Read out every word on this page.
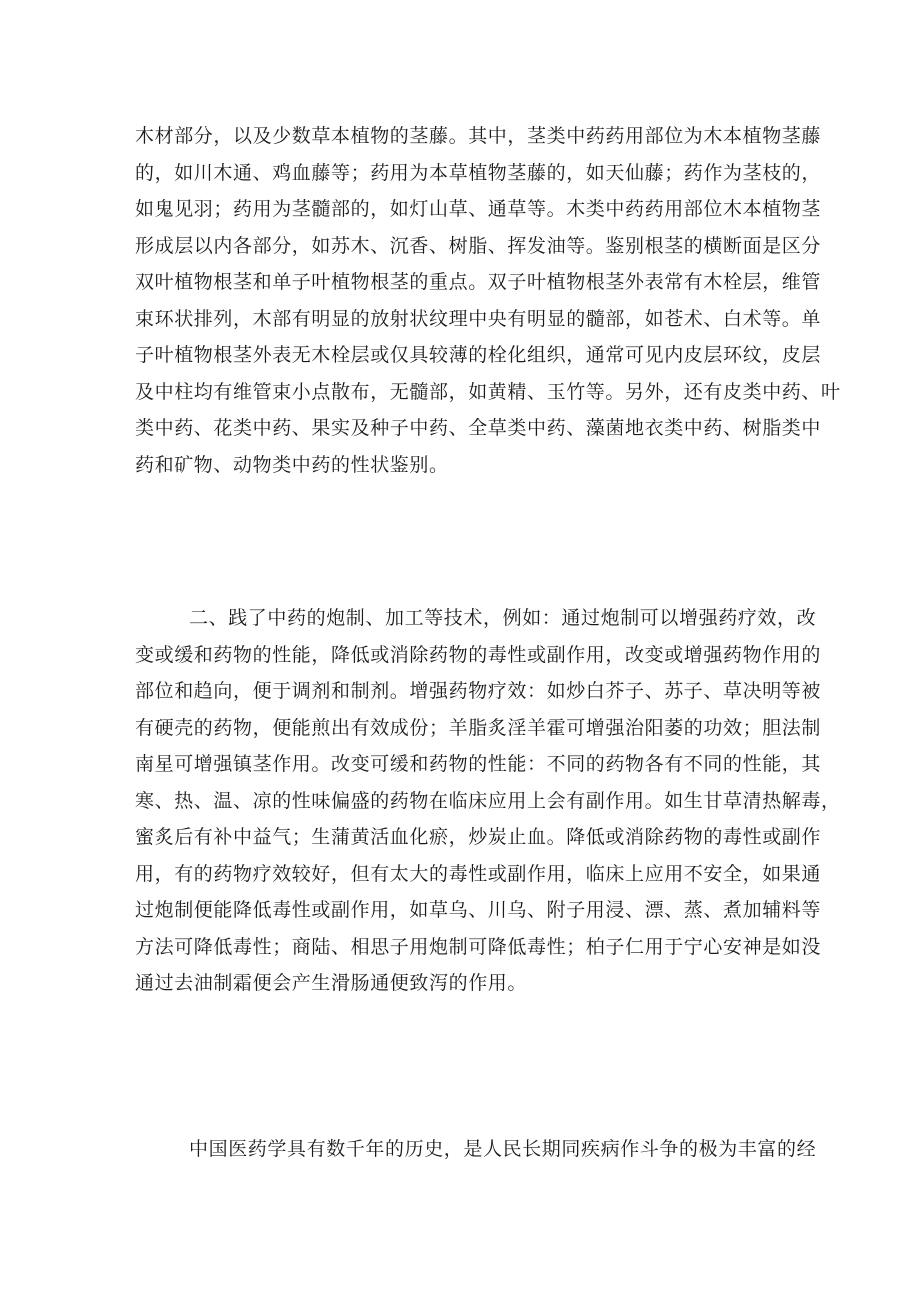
木材部分，以及少数草本植物的茎藤。其中，茎类中药药用部位为木本植物茎藤
的，如川木通、鸡血藤等；药用为本草植物茎藤的，如天仙藤；药作为茎枝的，
如鬼见羽；药用为茎髓部的，如灯山草、通草等。木类中药药用部位木本植物茎
形成层以内各部分，如苏木、沉香、树脂、挥发油等。鉴别根茎的横断面是区分
双叶植物根茎和单子叶植物根茎的重点。双子叶植物根茎外表常有木栓层，维管
束环状排列，木部有明显的放射状纹理中央有明显的髓部，如苍术、白术等。单
子叶植物根茎外表无木栓层或仅具较薄的栓化组织，通常可见内皮层环纹，皮层
及中柱均有维管束小点散布，无髓部，如黄精、玉竹等。另外，还有皮类中药、叶
类中药、花类中药、果实及种子中药、全草类中药、藻菌地衣类中药、树脂类中
药和矿物、动物类中药的性状鉴别。
二、践了中药的炮制、加工等技术，例如：通过炮制可以增强药疗效，改
变或缓和药物的性能，降低或消除药物的毒性或副作用，改变或增强药物作用的
部位和趋向，便于调剂和制剂。增强药物疗效：如炒白芥子、苏子、草决明等被
有硬壳的药物，便能煎出有效成份；羊脂炙淫羊霍可增强治阳萎的功效；胆法制
南星可增强镇茎作用。改变可缓和药物的性能：不同的药物各有不同的性能，其
寒、热、温、凉的性味偏盛的药物在临床应用上会有副作用。如生甘草清热解毒，
蜜炙后有补中益气；生蒲黄活血化瘀，炒炭止血。降低或消除药物的毒性或副作
用，有的药物疗效较好，但有太大的毒性或副作用，临床上应用不安全，如果通
过炮制便能降低毒性或副作用，如草乌、川乌、附子用浸、漂、蒸、煮加辅料等
方法可降低毒性；商陆、相思子用炮制可降低毒性；柏子仁用于宁心安神是如没
通过去油制霜便会产生滑肠通便致泻的作用。
中国医药学具有数千年的历史，是人民长期同疾病作斗争的极为丰富的经
